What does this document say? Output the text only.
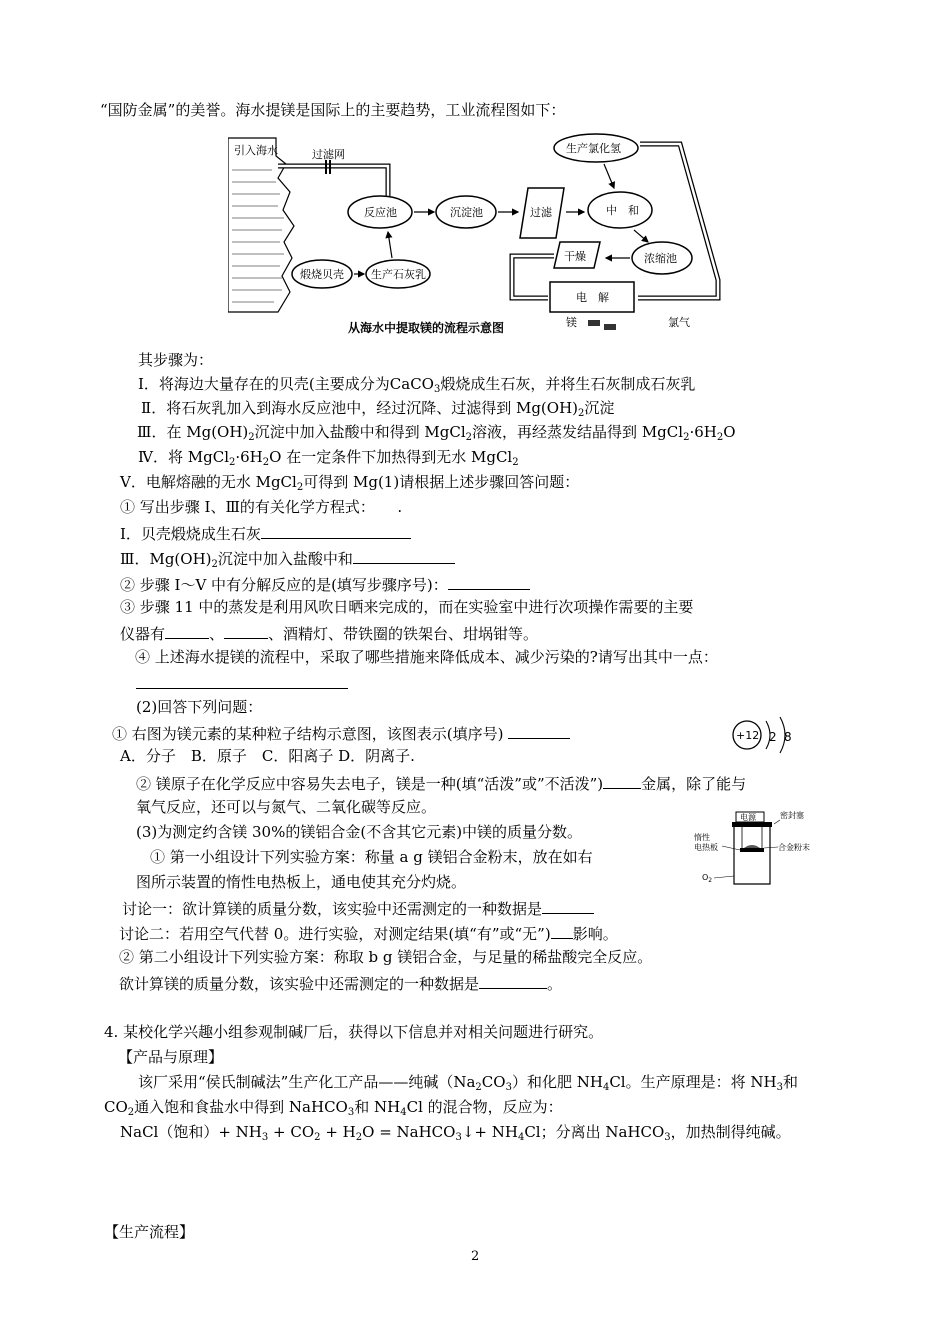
“国防金属”的美誉。海水提镁是国际上的主要趋势，工业流程图如下：
引入海水	过滤网
反应池	沉淀池	过滤	中　和
生产氯化氢
浓缩池
干燥
电　解
镁	氯气
煅烧贝壳 生产石灰乳
从海水中提取镁的流程示意图
其步骤为：
I．将海边大量存在的贝壳(主要成分为CaCO$_3$煅烧成生石灰，并将生石灰制成石灰乳
Ⅱ．将石灰乳加入到海水反应池中，经过沉降、过滤得到 $Mg(OH)_2$沉淀
Ⅲ．在 $Mg(OH)_2$沉淀中加入盐酸中和得到 MgCl$_2$溶液，再经蒸发结晶得到 $MgCl_2\cdot 6H_2O$
Ⅳ．将 $MgCl_2\cdot 6H_2O$ 在一定条件下加热得到无水 MgCl$_2$
V．电解熔融的无水 MgCl$_2$可得到 Mg(1)请根据上述步骤回答问题：
① 写出步骤 I、Ⅲ的有关化学方程式：　　.
I．贝壳煅烧成生石灰
Ⅲ．$Mg(OH)_2$沉淀中加入盐酸中和
② 步骤 I～V 中有分解反应的是(填写步骤序号)：
③ 步骤 11 中的蒸发是利用风吹日晒来完成的，而在实验室中进行次项操作需要的主要
仪器有	、	、酒精灯、带铁圈的铁架台、坩埚钳等。
④ 上述海水提镁的流程中，采取了哪些措施来降低成本、减少污染的?请写出其中一点：
(2)回答下列问题：
① 右图为镁元素的某种粒子结构示意图，该图表示(填序号)	+12 2 8
A．分子　B．原子　C．阳离子 D．阴离子.
② 镁原子在化学反应中容易失去电子，镁是一种(填“活泼”或”不活泼”)	金属，除了能与
氧气反应，还可以与氮气、二氧化碳等反应。
(3)为测定约含镁 30%的镁铝合金(不含其它元素)中镁的质量分数。
① 第一小组设计下列实验方案：称量 a g 镁铝合金粉末，放在如右
图所示装置的惰性电热板上，通电使其充分灼烧。
电源	密封塞
惰性
电热板	合金粉末
$O_2$
讨论一：欲计算镁的质量分数，该实验中还需测定的一种数据是
讨论二：若用空气代替 0。进行实验，对测定结果(填“有”或“无”) 影响。
② 第二小组设计下列实验方案：称取 b g 镁铝合金，与足量的稀盐酸完全反应。
欲计算镁的质量分数，该实验中还需测定的一种数据是	。
4. 某校化学兴趣小组参观制碱厂后，获得以下信息并对相关问题进行研究。
【产品与原理】
该厂采用“侯氏制碱法”生产化工产品——纯碱$(Na_2CO_3)$和化肥 $NH_4Cl$。生产原理是：将 $NH_3$和
$CO_2$通入饱和食盐水中得到 NaHCO$_3$和 $NH_4Cl$ 的混合物，反应为：
NaCl（饱和）+ $NH_3 + CO_2 + H_2O$ = NaHCO$_3$↓+ $NH_4Cl$；分离出 NaHCO$_3$，加热制得纯碱。
【生产流程】
2
